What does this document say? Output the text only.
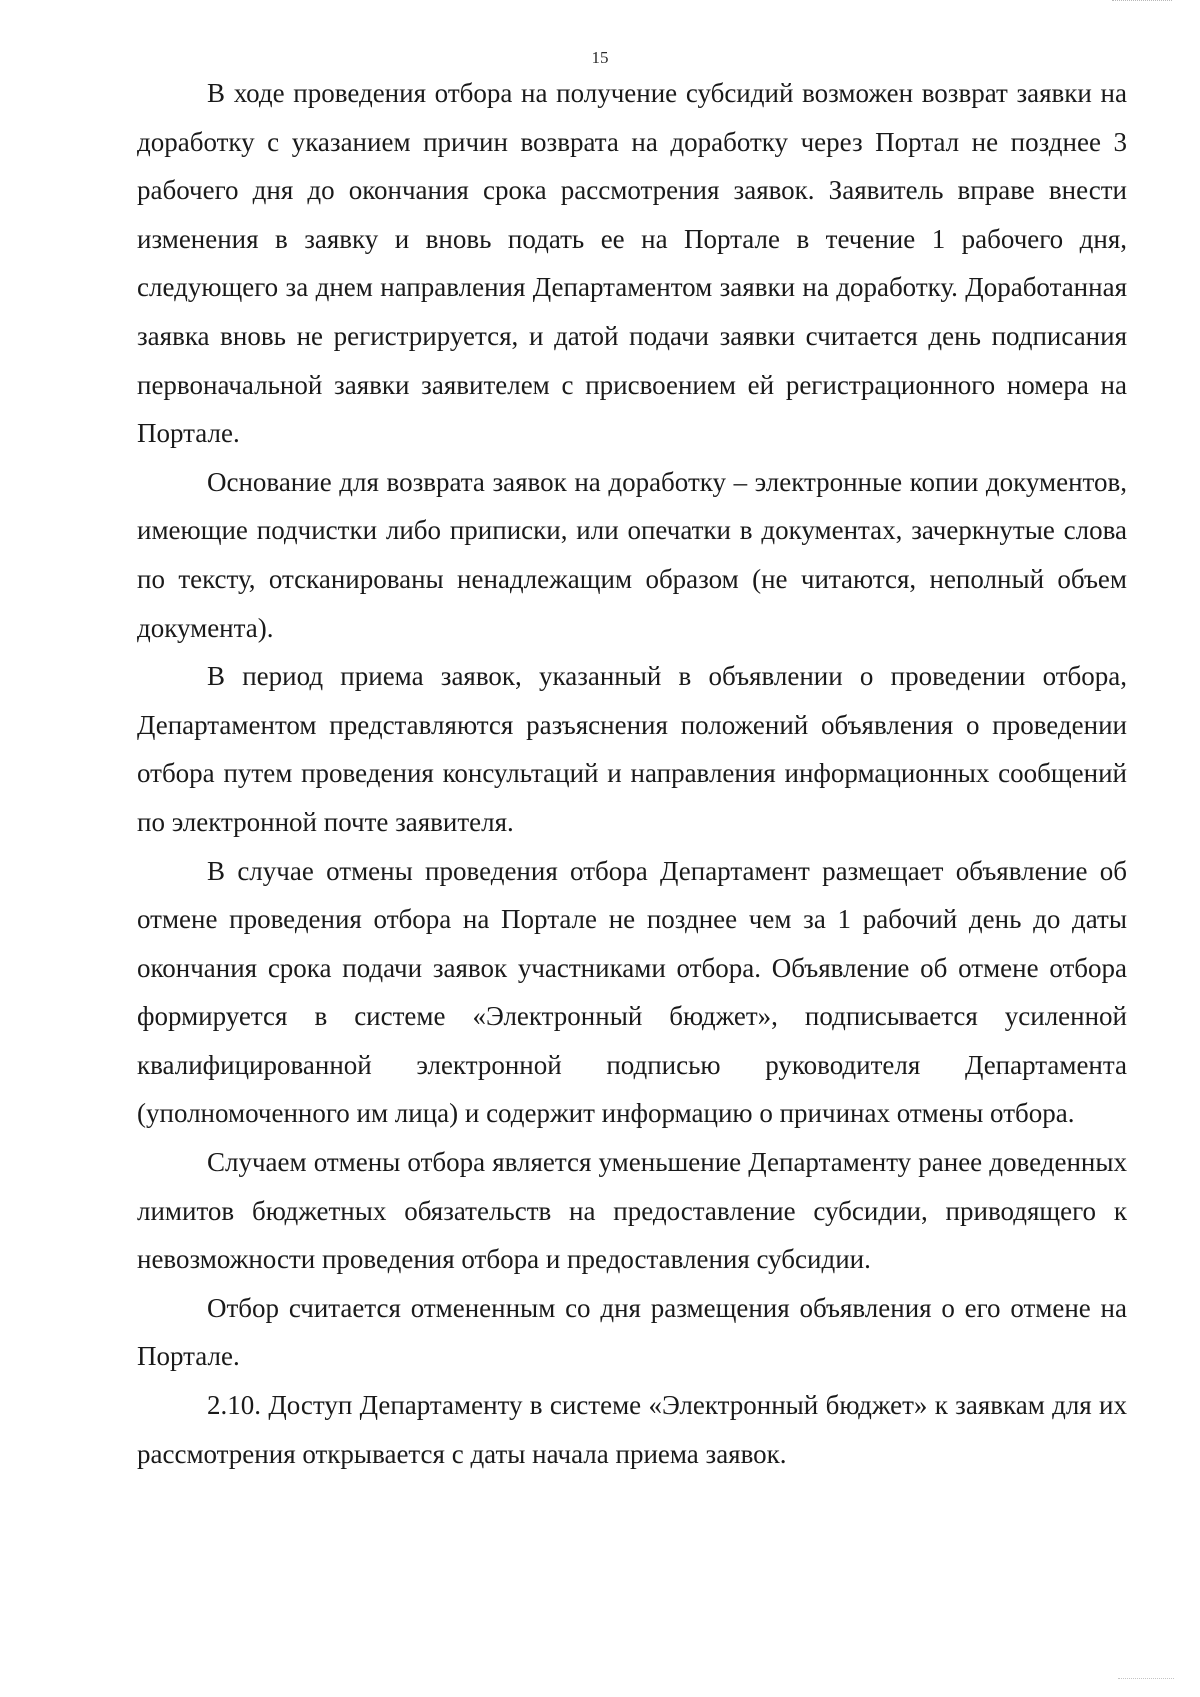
15

В ходе проведения отбора на получение субсидий возможен возврат заявки на доработку с указанием причин возврата на доработку через Портал не позднее 3 рабочего дня до окончания срока рассмотрения заявок. Заявитель вправе внести изменения в заявку и вновь подать ее на Портале в течение 1 рабочего дня, следующего за днем направления Департаментом заявки на доработку. Доработанная заявка вновь не регистрируется, и датой подачи заявки считается день подписания первоначальной заявки заявителем с присвоением ей регистрационного номера на Портале.

Основание для возврата заявок на доработку – электронные копии документов, имеющие подчистки либо приписки, или опечатки в документах, зачеркнутые слова по тексту, отсканированы ненадлежащим образом (не читаются, неполный объем документа).

В период приема заявок, указанный в объявлении о проведении отбора, Департаментом представляются разъяснения положений объявления о проведении отбора путем проведения консультаций и направления информационных сообщений по электронной почте заявителя.

В случае отмены проведения отбора Департамент размещает объявление об отмене проведения отбора на Портале не позднее чем за 1 рабочий день до даты окончания срока подачи заявок участниками отбора. Объявление об отмене отбора формируется в системе «Электронный бюджет», подписывается усиленной квалифицированной электронной подписью руководителя Департамента (уполномоченного им лица) и содержит информацию о причинах отмены отбора.

Случаем отмены отбора является уменьшение Департаменту ранее доведенных лимитов бюджетных обязательств на предоставление субсидии, приводящего к невозможности проведения отбора и предоставления субсидии.

Отбор считается отмененным со дня размещения объявления о его отмене на Портале.

2.10. Доступ Департаменту в системе «Электронный бюджет» к заявкам для их рассмотрения открывается с даты начала приема заявок.
